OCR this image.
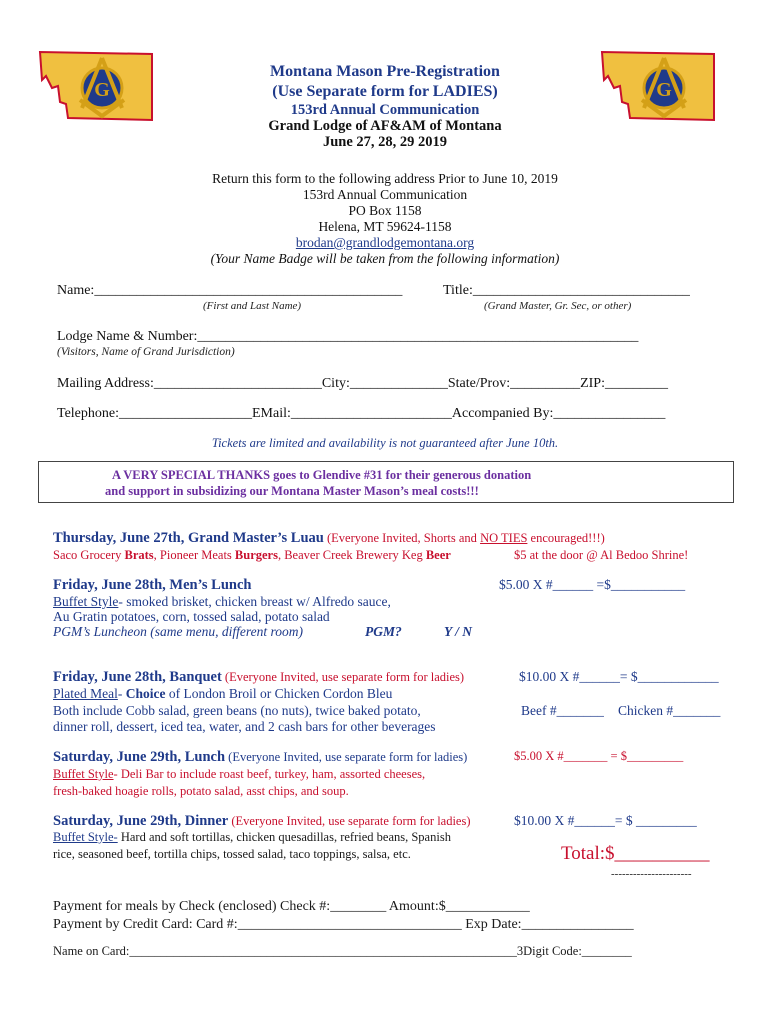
G	G
Montana Mason Pre-Registration
(Use Separate form for LADIES)
153rd Annual Communication
Grand Lodge of AF&AM of Montana
June 27, 28, 29 2019
Return this form to the following address Prior to June 10, 2019
153rd Annual Communication
PO Box 1158
Helena, MT 59624-1158
brodan@grandlodgemontana.org
(Your Name Badge will be taken from the following information)
Name:____________________________________________	Title:_______________________________
(First and Last Name)	(Grand Master, Gr. Sec, or other)
Lodge Name & Number:_______________________________________________________________
(Visitors, Name of Grand Jurisdiction)
Mailing Address:________________________City:______________State/Prov:__________ZIP:_________
Telephone:___________________EMail:_______________________Accompanied By:________________
Tickets are limited and availability is not guaranteed after June 10th.
A VERY SPECIAL THANKS goes to Glendive #31 for their generous donation
and support in subsidizing our Montana Master Mason’s meal costs!!!
Thursday, June 27th, Grand Master’s Luau (Everyone Invited, Shorts and NO TIES encouraged!!!)
Saco Grocery Brats, Pioneer Meats Burgers, Beaver Creek Brewery Keg Beer	$5 at the door @ Al Bedoo Shrine!
Friday, June 28th, Men’s Lunch	$5.00 X #______ =$___________
Buffet Style- smoked brisket, chicken breast w/ Alfredo sauce,
Au Gratin potatoes, corn, tossed salad, potato salad
PGM’s Luncheon (same menu, different room)	PGM?	Y / N
Friday, June 28th, Banquet (Everyone Invited, use separate form for ladies)	$10.00 X #______= $____________
Plated Meal- Choice of London Broil or Chicken Cordon Bleu
Both include Cobb salad, green beans (no nuts), twice baked potato,
dinner roll, dessert, iced tea, water, and 2 cash bars for other beverages
Beef #_______ Chicken #_______
Saturday, June 29th, Lunch (Everyone Invited, use separate form for ladies)	$5.00 X #_______ = $_________
Buffet Style- Deli Bar to include roast beef, turkey, ham, assorted cheeses,
fresh-baked hoagie rolls, potato salad, asst chips, and soup.
Saturday, June 29th, Dinner (Everyone Invited, use separate form for ladies)	$10.00 X #______= $ _________
Buffet Style- Hard and soft tortillas, chicken quesadillas, refried beans, Spanish
rice, seasoned beef, tortilla chips, tossed salad, taco toppings, salsa, etc.	Total:$__________
----------------------
Payment for meals by Check (enclosed) Check #:________ Amount:$____________
Payment by Credit Card: Card #:________________________________ Exp Date:________________
Name on Card:______________________________________________________________3Digit Code:________
